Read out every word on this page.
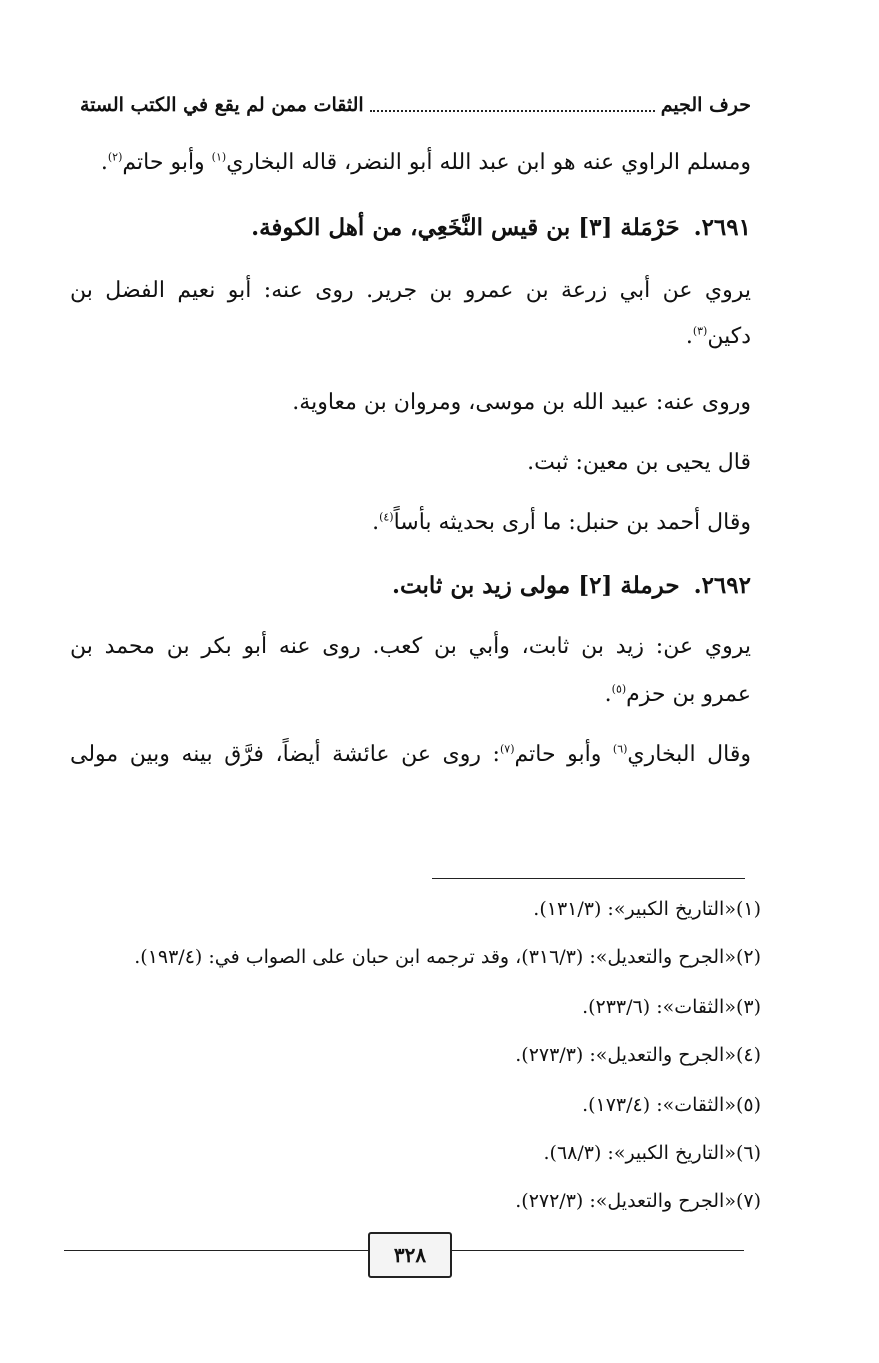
حرف الجيم
الثقات ممن لم يقع في الكتب الستة
ومسلم الراوي عنه هو ابن عبد الله أبو النضر، قاله البخاري$^{(١)}$ وأبو حاتم$^{(٢)}$.
٢٦٩١.حَرْمَلة [٣] بن قيس النَّخَعِي، من أهل الكوفة.
يروي عن أبي زرعة بن عمرو بن جرير. روى عنه: أبو نعيم الفضل بن
دكين$^{(٣)}$.
وروى عنه: عبيد الله بن موسى، ومروان بن معاوية.
قال يحيى بن معين: ثبت.
وقال أحمد بن حنبل: ما أرى بحديثه بأساً$^{(٤)}$.
٢٦٩٢.حرملة [٢] مولى زيد بن ثابت.
يروي عن: زيد بن ثابت، وأبي بن كعب. روى عنه أبو بكر بن محمد بن
عمرو بن حزم$^{(٥)}$.
وقال البخاري$^{(٦)}$ وأبو حاتم$^{(٧)}$: روى عن عائشة أيضاً، فرَّق بينه وبين مولى
(١)«التاريخ الكبير»: (١٣١/٣).
(٢)«الجرح والتعديل»: (٣١٦/٣)، وقد ترجمه ابن حبان على الصواب في: (١٩٣/٤).
(٣)«الثقات»: (٢٣٣/٦).
(٤)«الجرح والتعديل»: (٢٧٣/٣).
(٥)«الثقات»: (١٧٣/٤).
(٦)«التاريخ الكبير»: (٦٨/٣).
(٧)«الجرح والتعديل»: (٢٧٢/٣).
٣٢٨
